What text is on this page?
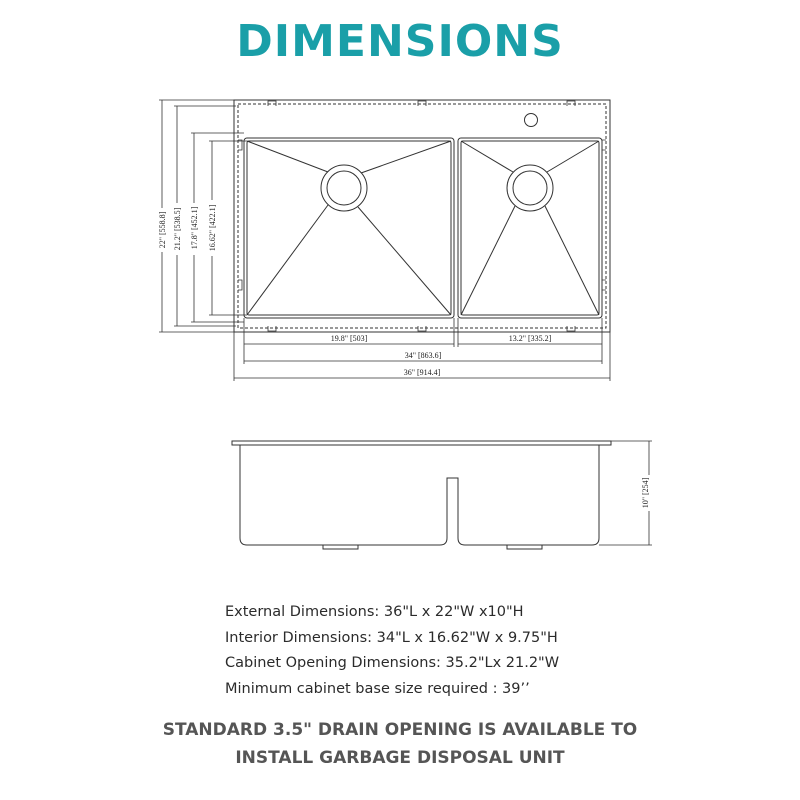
DIMENSIONS
22" [558.8] 21.2" [538.5] 17.8" [452.1] 16.62" [422.1]
19.8" [503]	13.2" [335.2]
34" [863.6]
36" [914.4]
10" [254]
External Dimensions: 36"L x 22"W x10"H
Interior Dimensions: 34"L x 16.62"W x 9.75"H
Cabinet Opening Dimensions: 35.2"Lx 21.2"W
Minimum cabinet base size required : 39’’
STANDARD 3.5" DRAIN OPENING IS AVAILABLE TO
INSTALL GARBAGE DISPOSAL UNIT
